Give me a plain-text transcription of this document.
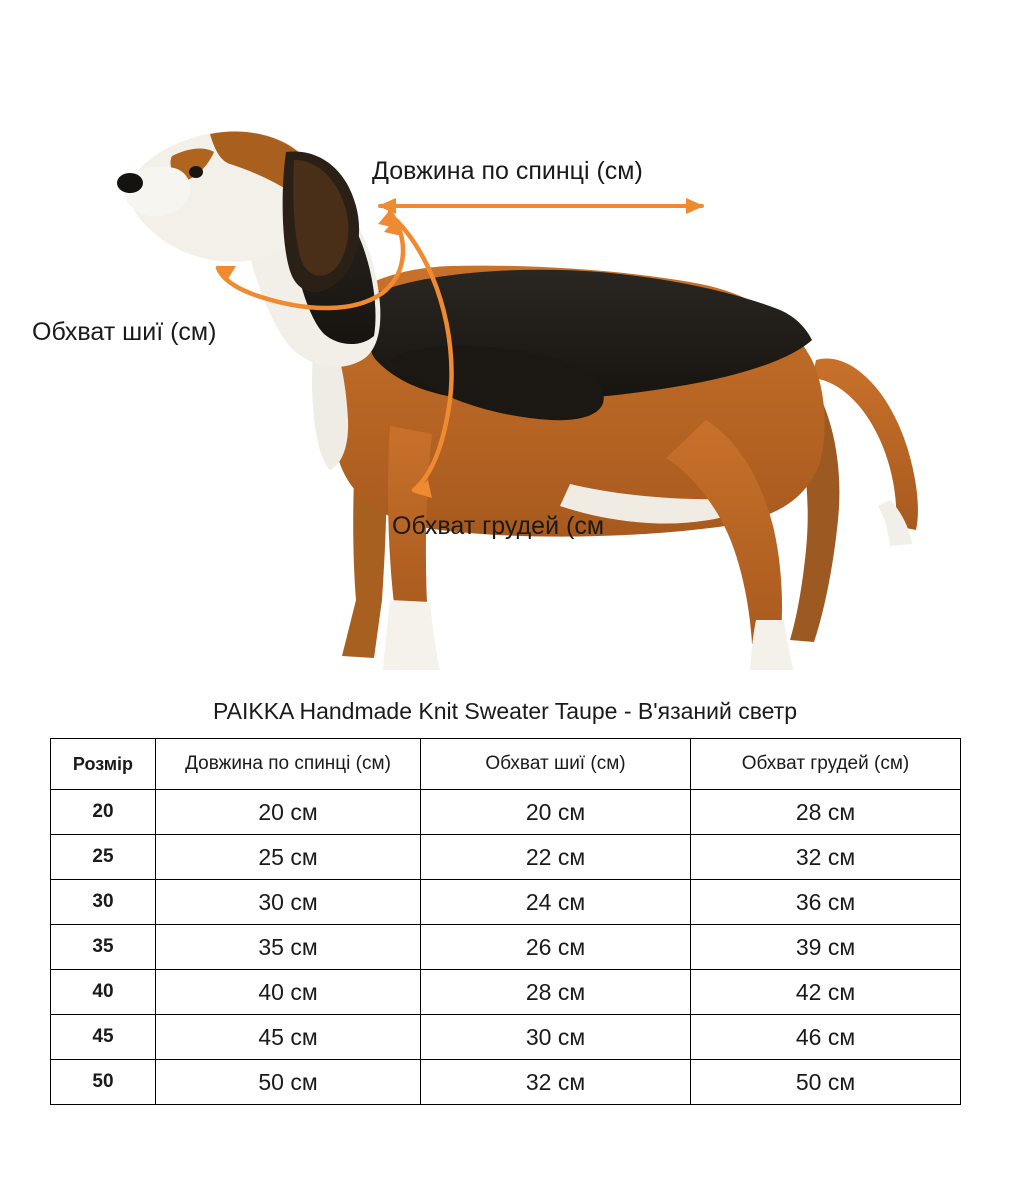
Довжина по спинці (см)
Обхват шиї (см)
Обхват грудей (см
PAIKKA Handmade Knit Sweater Taupe - В'язаний светр
Розмір	Довжина по спинці (см)	Обхват шиї (см)	Обхват грудей (см)
20	20 см	20 см	28 см
25	25 см	22 см	32 см
30	30 см	24 см	36 см
35	35 см	26 см	39 см
40	40 см	28 см	42 см
45	45 см	30 см	46 см
50	50 см	32 см	50 см
